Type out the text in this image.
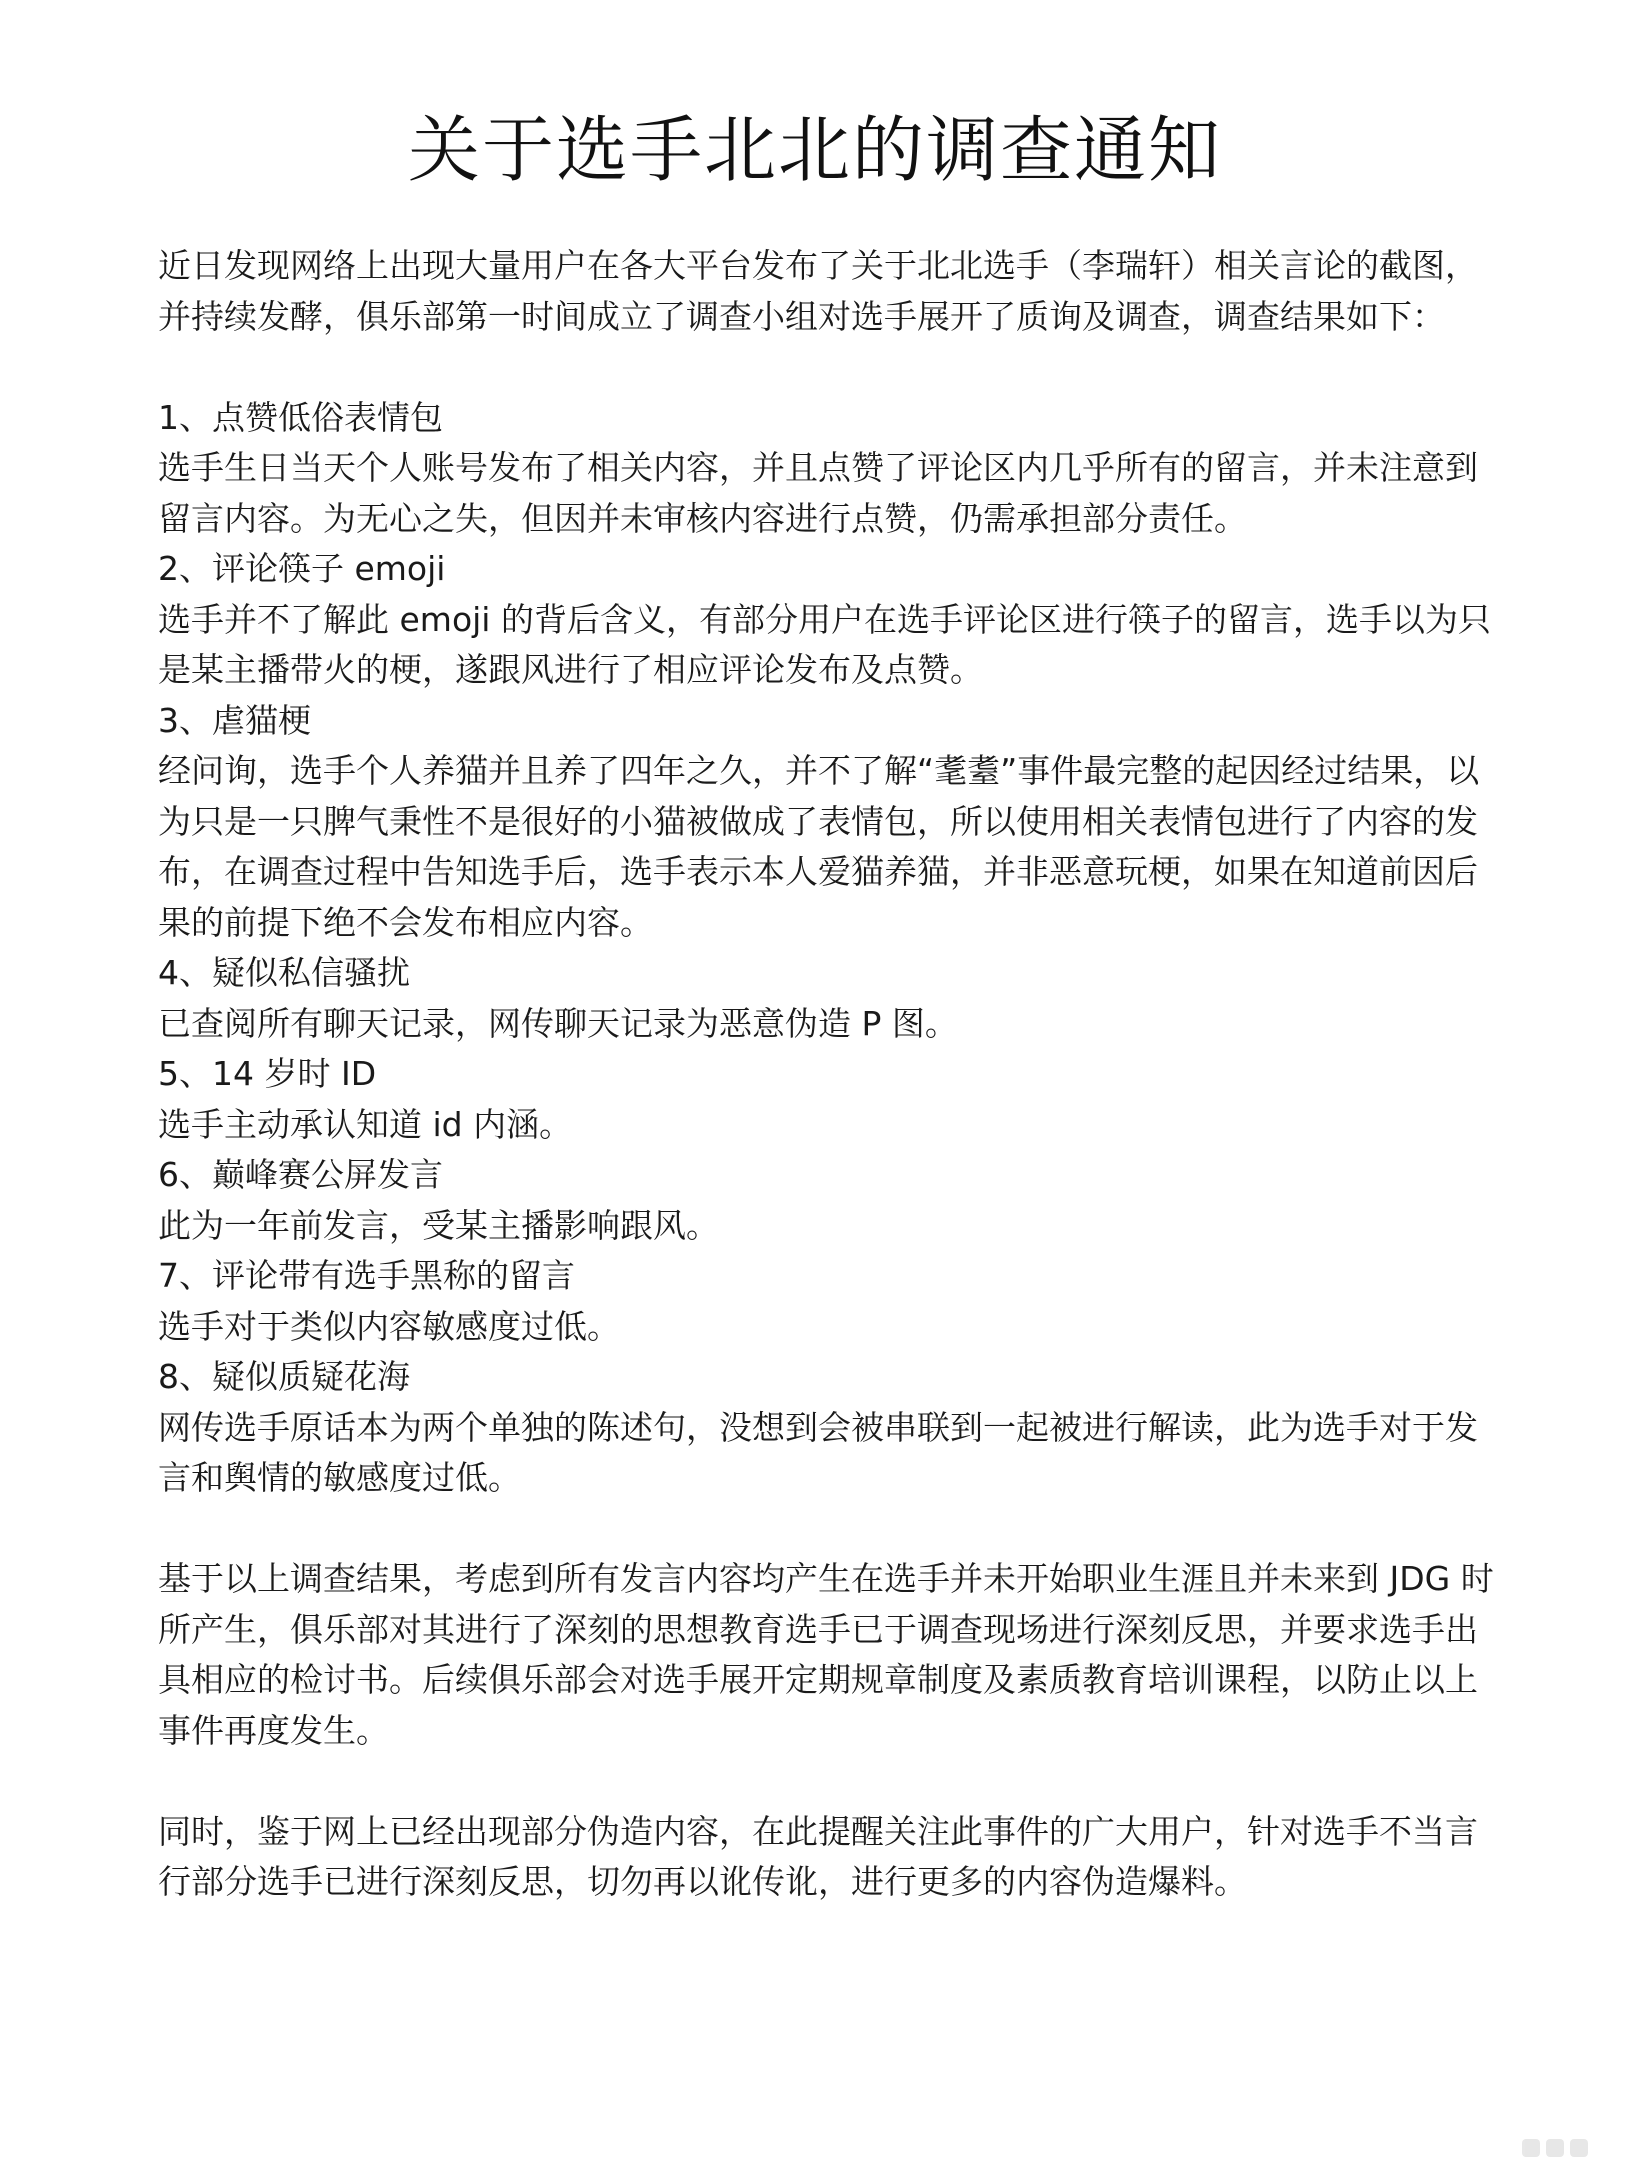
关于选手北北的调查通知

近日发现网络上出现大量用户在各大平台发布了关于北北选手（李瑞轩）相关言论的截图，并持续发酵，俱乐部第一时间成立了调查小组对选手展开了质询及调查，调查结果如下：

1、点赞低俗表情包

选手生日当天个人账号发布了相关内容，并且点赞了评论区内几乎所有的留言，并未注意到留言内容。为无心之失，但因并未审核内容进行点赞，仍需承担部分责任。

2、评论筷子 emoji

选手并不了解此 emoji 的背后含义，有部分用户在选手评论区进行筷子的留言，选手以为只是某主播带火的梗，遂跟风进行了相应评论发布及点赞。

3、虐猫梗

经问询，选手个人养猫并且养了四年之久，并不了解“耄耋”事件最完整的起因经过结果，以为只是一只脾气秉性不是很好的小猫被做成了表情包，所以使用相关表情包进行了内容的发布，在调查过程中告知选手后，选手表示本人爱猫养猫，并非恶意玩梗，如果在知道前因后果的前提下绝不会发布相应内容。

4、疑似私信骚扰

已查阅所有聊天记录，网传聊天记录为恶意伪造 P 图。

5、14 岁时 ID

选手主动承认知道 id 内涵。

6、巅峰赛公屏发言

此为一年前发言，受某主播影响跟风。

7、评论带有选手黑称的留言

选手对于类似内容敏感度过低。

8、疑似质疑花海

网传选手原话本为两个单独的陈述句，没想到会被串联到一起被进行解读，此为选手对于发言和舆情的敏感度过低。

基于以上调查结果，考虑到所有发言内容均产生在选手并未开始职业生涯且并未来到 JDG 时所产生，俱乐部对其进行了深刻的思想教育选手已于调查现场进行深刻反思，并要求选手出具相应的检讨书。后续俱乐部会对选手展开定期规章制度及素质教育培训课程，以防止以上事件再度发生。

同时，鉴于网上已经出现部分伪造内容，在此提醒关注此事件的广大用户，针对选手不当言行部分选手已进行深刻反思，切勿再以讹传讹，进行更多的内容伪造爆料。
